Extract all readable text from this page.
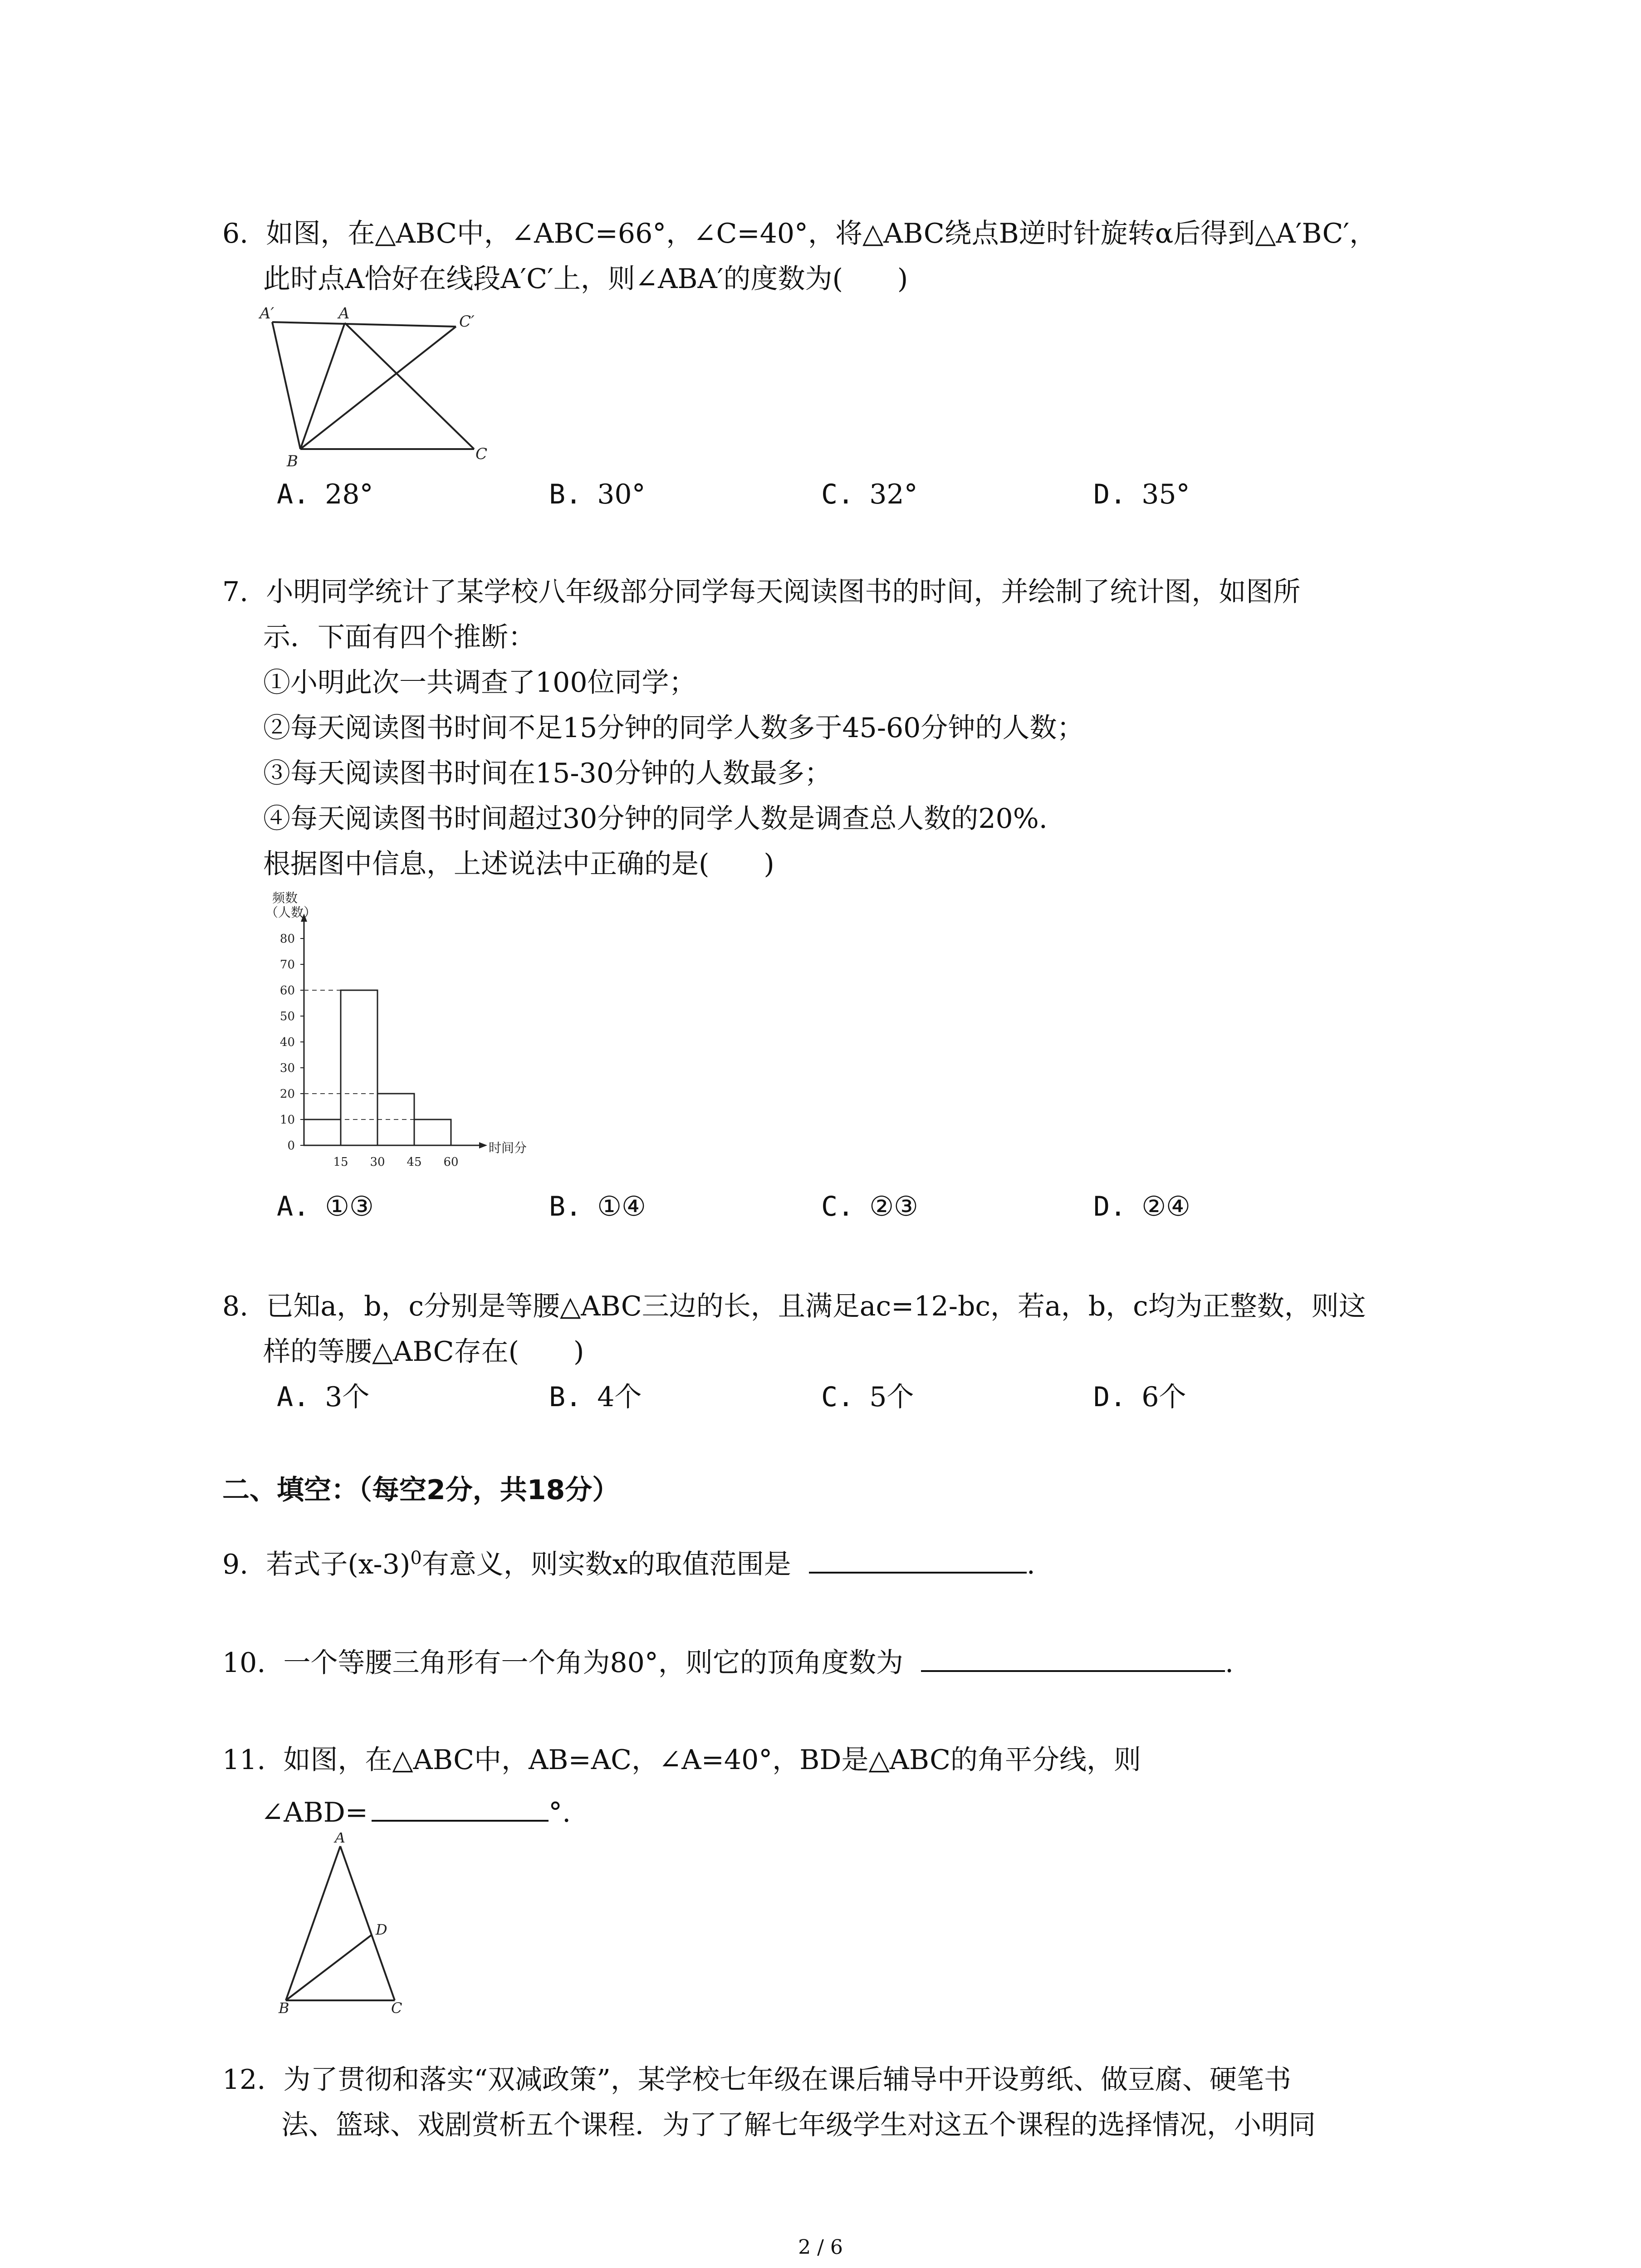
6. 如图，在△ABC中，∠ABC=66°，∠C=40°，将△ABC绕点B逆时针旋转α后得到△A′BC′，
此时点A恰好在线段A′C′上，则∠ABA′的度数为(　　)
A′	A	C′
B	C
A. 28°	B. 30°	C. 32°	D. 35°
7. 小明同学统计了某学校八年级部分同学每天阅读图书的时间，并绘制了统计图，如图所
示．下面有四个推断：
①小明此次一共调查了100位同学；
②每天阅读图书时间不足15分钟的同学人数多于45-60分钟的人数；
③每天阅读图书时间在15-30分钟的人数最多；
④每天阅读图书时间超过30分钟的同学人数是调查总人数的20%.
根据图中信息，上述说法中正确的是(　　)
0
10
20
30
40
50
60
70
80
15 30 45 60
频数
（人数）
时间分
A. ①③	B. ①④	C. ②③	D. ②④
8. 已知a，b，c分别是等腰△ABC三边的长，且满足ac=12-bc，若a，b，c均为正整数，则这
样的等腰△ABC存在(　　)
A. 3个	B. 4个	C. 5个	D. 6个
二、填空：（每空2分，共18分）
9. 若式子$(x-3)^0$有意义，则实数x的取值范围是	.
10. 一个等腰三角形有一个角为80°，则它的顶角度数为	.
11. 如图，在△ABC中，AB=AC，∠A=40°，BD是△ABC的角平分线，则
∠ABD=	°.
A
B	C
D
12. 为了贯彻和落实“双减政策”，某学校七年级在课后辅导中开设剪纸、做豆腐、硬笔书
法、篮球、戏剧赏析五个课程．为了了解七年级学生对这五个课程的选择情况，小明同
2 / 6
